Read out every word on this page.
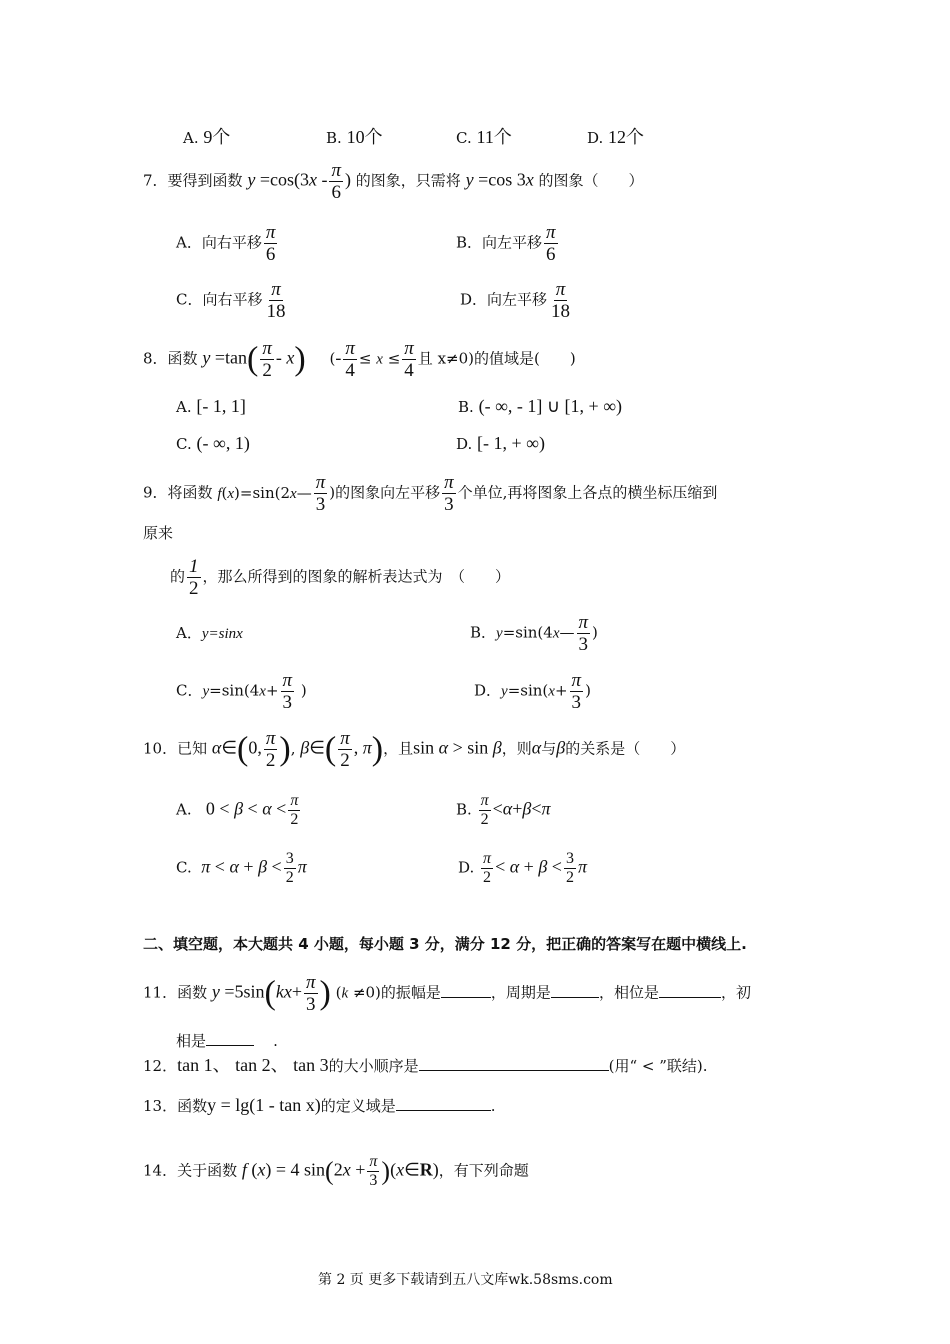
A. 9个	B. 10个	C. 11个	D. 12个
7．要得到函数 $y =\cos(3x - \frac{\pi}{6}$ ) 的图象，只需将 y =cos 3x 的图象（　　）
A．向右平移 $\frac{\pi}{6}$	B．向左平移 $\frac{\pi}{6}$
C．向右平移 $\frac{\pi}{18}$	D．向左平移 $\frac{\pi}{18}$
8．函数 $y =\tan( \frac{\pi}{2} - x)$     (- $\frac{\pi}{4} \le x \le \frac{\pi}{4}$ 且 x≠0)的值域是(　　)
A. [- 1, 1]	B. (- ∞, - 1] ∪ [1, + ∞)
C. (- ∞, 1)	D. [- 1, + ∞)
9．将函数 f(x)=sin(2x— $\frac{\pi}{3}$ )的图象向左平移 $\frac{\pi}{3}$ 个单位,再将图象上各点的横坐标压缩到
原来
的 $\frac{1}{2}$ ，那么所得到的图象的解析表达式为　（　　）
A．y=sinx	B．y=sin(4x— $\frac{\pi}{3}$ )
C．$y=\sin(4x+ \frac{\pi}{3}$ )	D．$y=\sin(x+ \frac{\pi}{3}$ )
10．已知 α∈(0, $\frac{\pi}{2}$ ), β∈( $\frac{\pi}{2}$ , π)，且sin α > sin β，则α与β的关系是（　　）
A. $0 < \beta < \alpha < \frac{\pi}{2}$	B. $\frac{\pi}{2} <\alpha+\beta<\pi$
C. $\pi < \alpha + \beta < \frac{3}{2}$ π	D. $\frac{\pi}{2} < \alpha + \beta < \frac{3}{2}$ π
二、填空题，本大题共 4 小题，每小题 3 分，满分 12 分，把正确的答案写在题中横线上.
11．函数 $y =5\sin(kx+ \frac{\pi}{3}$ ) (k ≠0)的振幅是	，周期是	，相位是	，初
相是	.
12．tan 1、 tan 2、 tan 3的大小顺序是	(用“ < ”联结).
13．函数y = lg(1 - tan x)的定义域是	.
14．关于函数 f (x) = 4 $\sin(2x + \frac{\pi}{3}$ )(x∈R)，有下列命题
第 2 页 更多下载请到五八文库wk.58sms.com
